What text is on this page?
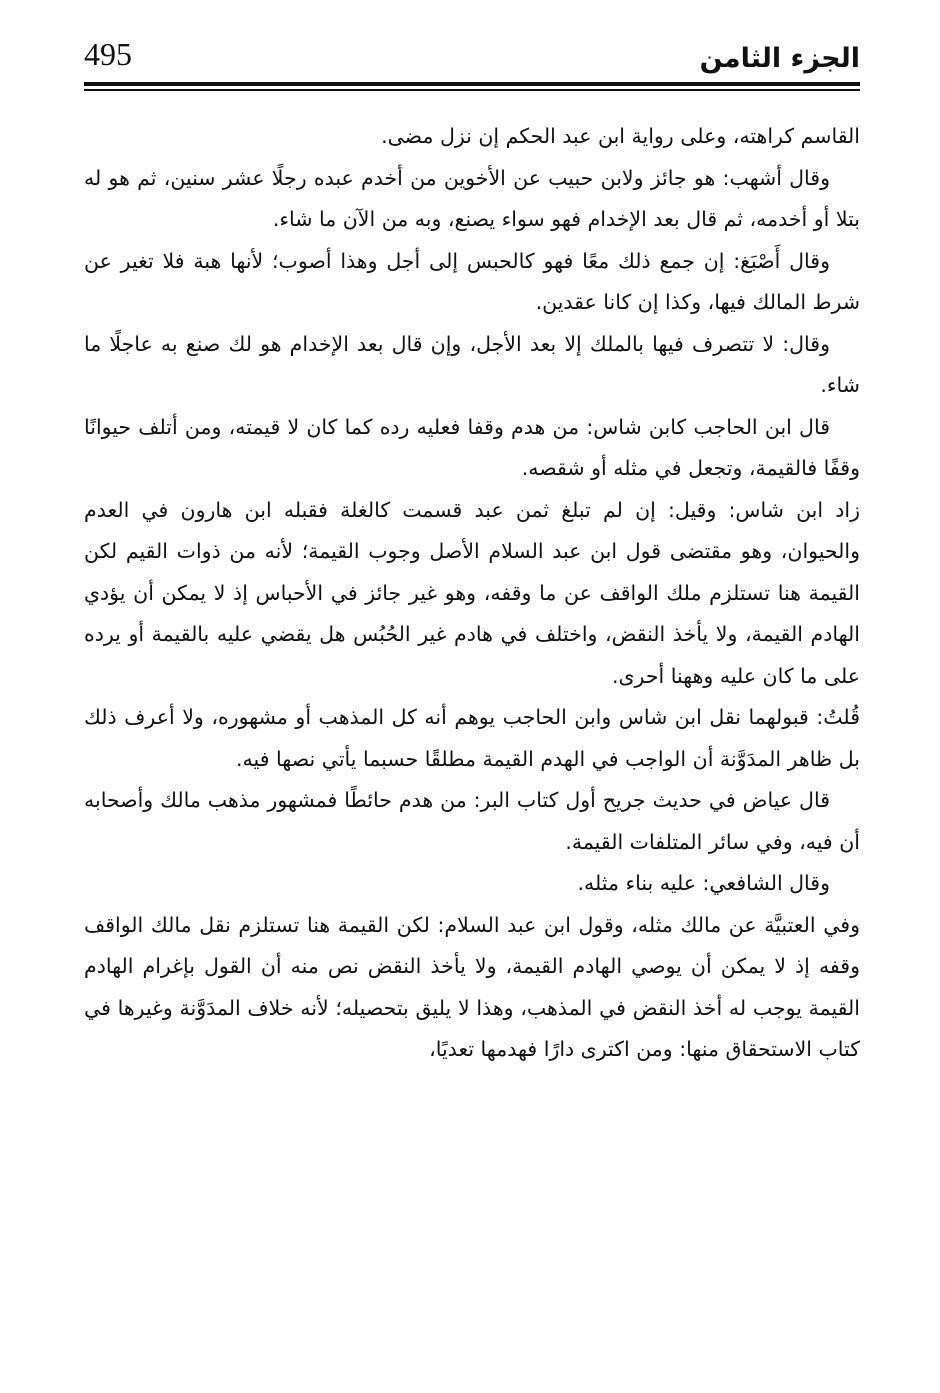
495	الجزء الثامن

القاسم كراهته، وعلى رواية ابن عبد الحكم إن نزل مضى.

وقال أشهب: هو جائز ولابن حبيب عن الأخوين من أخدم عبده رجلًا عشر سنين، ثم هو له بتلا أو أخدمه، ثم قال بعد الإخدام فهو سواء يصنع، وبه من الآن ما شاء.

وقال أَصْبَغ: إن جمع ذلك معًا فهو كالحبس إلى أجل وهذا أصوب؛ لأنها هبة فلا تغير عن شرط المالك فيها، وكذا إن كانا عقدين.

وقال: لا تتصرف فيها بالملك إلا بعد الأجل، وإن قال بعد الإخدام هو لك صنع به عاجلًا ما شاء.

قال ابن الحاجب كابن شاس: من هدم وقفا فعليه رده كما كان لا قيمته، ومن أتلف حيوانًا وقفًا فالقيمة، وتجعل في مثله أو شقصه.

زاد ابن شاس: وقيل: إن لم تبلغ ثمن عبد قسمت كالغلة فقبله ابن هارون في العدم والحيوان، وهو مقتضى قول ابن عبد السلام الأصل وجوب القيمة؛ لأنه من ذوات القيم لكن القيمة هنا تستلزم ملك الواقف عن ما وقفه، وهو غير جائز في الأحباس إذ لا يمكن أن يؤدي الهادم القيمة، ولا يأخذ النقض، واختلف في هادم غير الحُبُس هل يقضي عليه بالقيمة أو يرده على ما كان عليه وههنا أحرى.

قُلتُ: قبولهما نقل ابن شاس وابن الحاجب يوهم أنه كل المذهب أو مشهوره، ولا أعرف ذلك بل ظاهر المدَوَّنة أن الواجب في الهدم القيمة مطلقًا حسبما يأتي نصها فيه.

قال عياض في حديث جريح أول كتاب البر: من هدم حائطًا فمشهور مذهب مالك وأصحابه أن فيه، وفي سائر المتلفات القيمة.

وقال الشافعي: عليه بناء مثله.

وفي العتبيَّة عن مالك مثله، وقول ابن عبد السلام: لكن القيمة هنا تستلزم نقل مالك الواقف وقفه إذ لا يمكن أن يوصي الهادم القيمة، ولا يأخذ النقض نص منه أن القول بإغرام الهادم القيمة يوجب له أخذ النقض في المذهب، وهذا لا يليق بتحصيله؛ لأنه خلاف المدَوَّنة وغيرها في كتاب الاستحقاق منها: ومن اكترى دارًا فهدمها تعديًا،
